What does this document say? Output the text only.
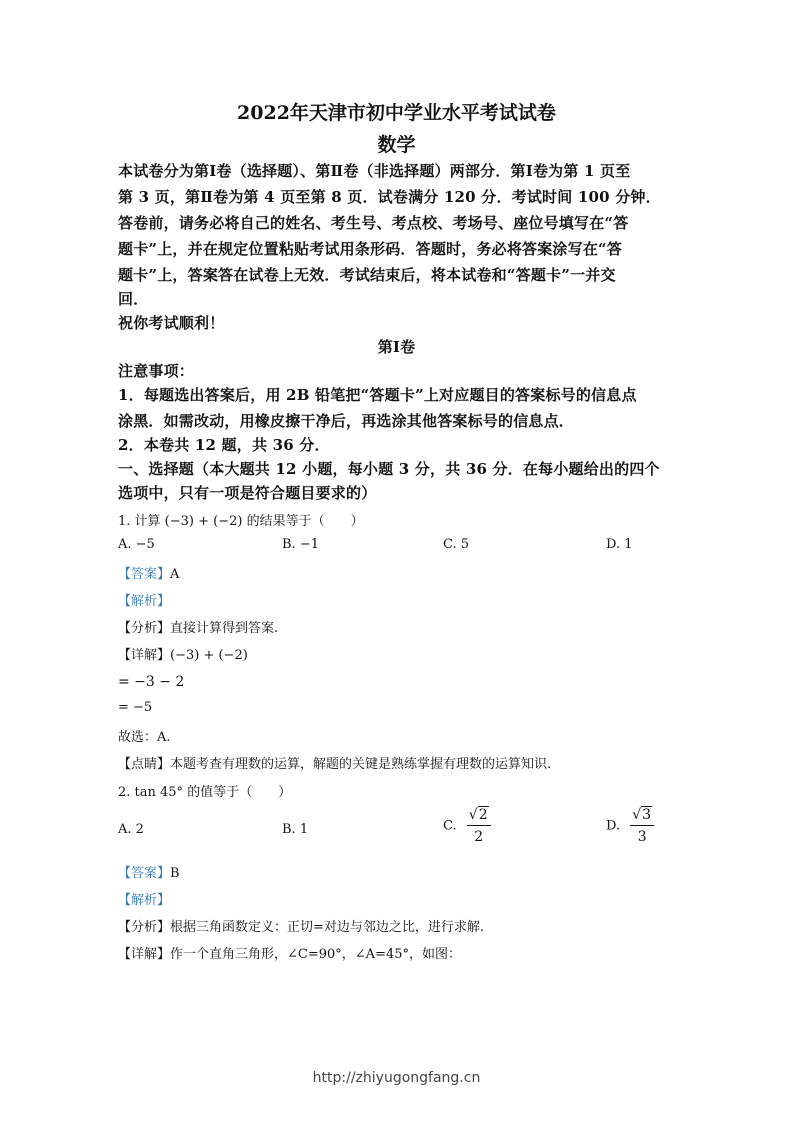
2022年天津市初中学业水平考试试卷
数学
本试卷分为第Ⅰ卷（选择题）、第Ⅱ卷（非选择题）两部分．第Ⅰ卷为第 1 页至
第 3 页，第Ⅱ卷为第 4 页至第 8 页．试卷满分 120 分．考试时间 100 分钟．
答卷前，请务必将自己的姓名、考生号、考点校、考场号、座位号填写在“答
题卡”上，并在规定位置粘贴考试用条形码．答题时，务必将答案涂写在“答
题卡”上，答案答在试卷上无效．考试结束后，将本试卷和“答题卡”一并交
回．
祝你考试顺利！
第Ⅰ卷
注意事项：
1．每题选出答案后，用 2B 铅笔把“答题卡”上对应题目的答案标号的信息点
涂黑．如需改动，用橡皮擦干净后，再选涂其他答案标号的信息点．
2．本卷共 12 题，共 36 分．
一、选择题（本大题共 12 小题，每小题 3 分，共 36 分．在每小题给出的四个
选项中，只有一项是符合题目要求的）
1. 计算 (−3) + (−2) 的结果等于（　　）
A. −5	B. −1	C. 5	D. 1
【答案】A
【解析】
【分析】直接计算得到答案.
【详解】(−3) + (−2)
= −3 − 2
= −5
故选：A.
【点睛】本题考查有理数的运算，解题的关键是熟练掌握有理数的运算知识.
2. tan 45° 的值等于（　　）
A. 2	B. 1	C. $\frac{√2}{2}$	D. $\frac{√3}{3}$
【答案】B
【解析】
【分析】根据三角函数定义：正切=对边与邻边之比，进行求解.
【详解】作一个直角三角形，∠C=90°，∠A=45°，如图：
http://zhiyugongfang.cn
